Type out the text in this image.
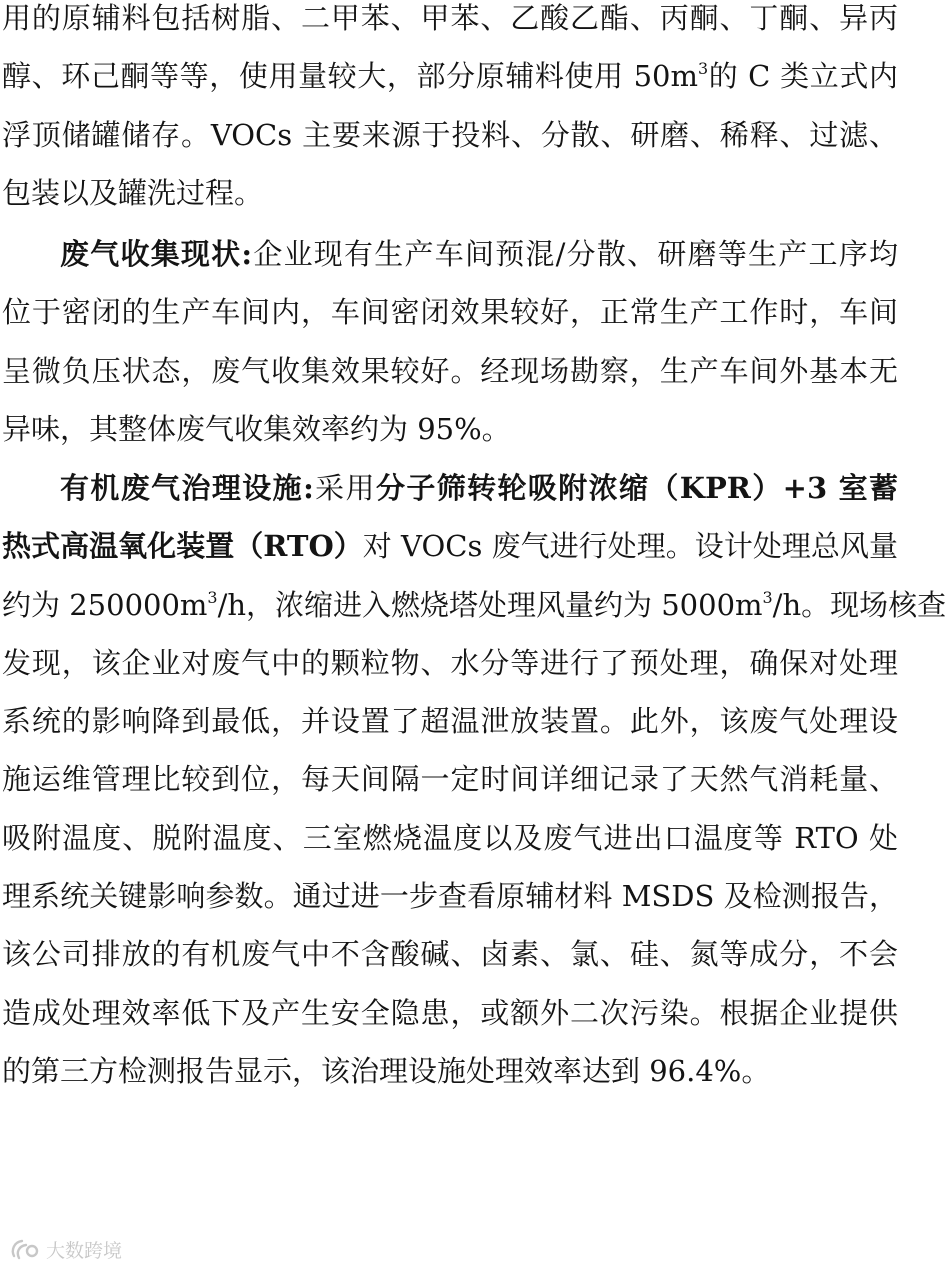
用的原辅料包括树脂、二甲苯、甲苯、乙酸乙酯、丙酮、丁酮、异丙
醇、环己酮等等，使用量较大，部分原辅料使用 $50m^3$的 C 类立式内
浮顶储罐储存。VOCs 主要来源于投料、分散、研磨、稀释、过滤、
包装以及罐洗过程。
废气收集现状:企业现有生产车间预混/分散、研磨等生产工序均
位于密闭的生产车间内，车间密闭效果较好，正常生产工作时，车间
呈微负压状态，废气收集效果较好。经现场勘察，生产车间外基本无
异味，其整体废气收集效率约为 95%。
有机废气治理设施:采用分子筛转轮吸附浓缩（KPR）+3 室蓄
热式高温氧化装置（RTO）对 VOCs 废气进行处理。设计处理总风量
约为 $250000m^3/h$，浓缩进入燃烧塔处理风量约为 $5000m^3/h$。现场核查
发现，该企业对废气中的颗粒物、水分等进行了预处理，确保对处理
系统的影响降到最低，并设置了超温泄放装置。此外，该废气处理设
施运维管理比较到位，每天间隔一定时间详细记录了天然气消耗量、
吸附温度、脱附温度、三室燃烧温度以及废气进出口温度等 RTO 处
理系统关键影响参数。通过进一步查看原辅材料 MSDS 及检测报告，
该公司排放的有机废气中不含酸碱、卤素、氯、硅、氮等成分，不会
造成处理效率低下及产生安全隐患，或额外二次污染。根据企业提供
的第三方检测报告显示，该治理设施处理效率达到 96.4%。
大数跨境
